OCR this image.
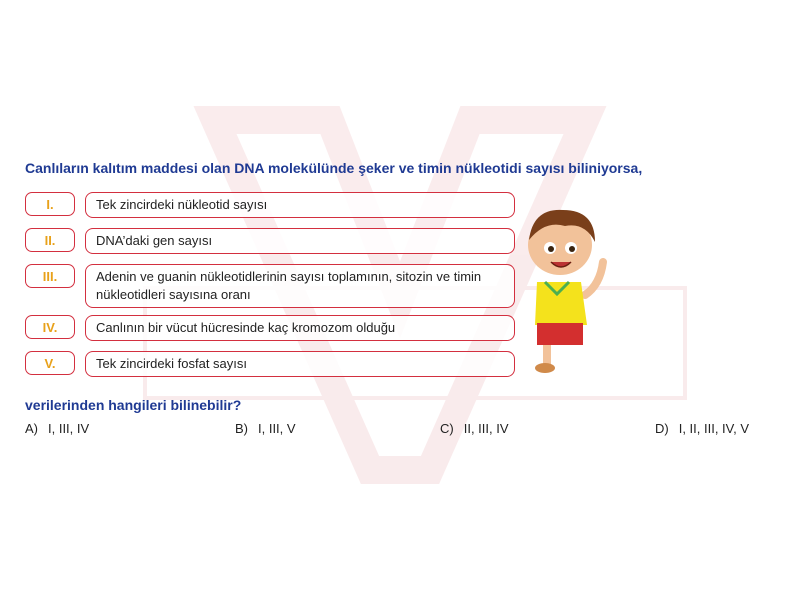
Canlıların kalıtım maddesi olan DNA molekülünde şeker ve timin nükleotidi sayısı biliniyorsa,
I.	Tek zincirdeki nükleotid sayısı
II.	DNA’daki gen sayısı
III.	Adenin ve guanin nükleotidlerinin sayısı toplamının, sitozin ve timin nükleotidleri sayısına oranı
IV.	Canlının bir vücut hücresinde kaç kromozom olduğu
V.	Tek zincirdeki fosfat sayısı
verilerinden hangileri bilinebilir?
A) I, III, IV	B) I, III, V	C) II, III, IV	D) I, II, III, IV, V
